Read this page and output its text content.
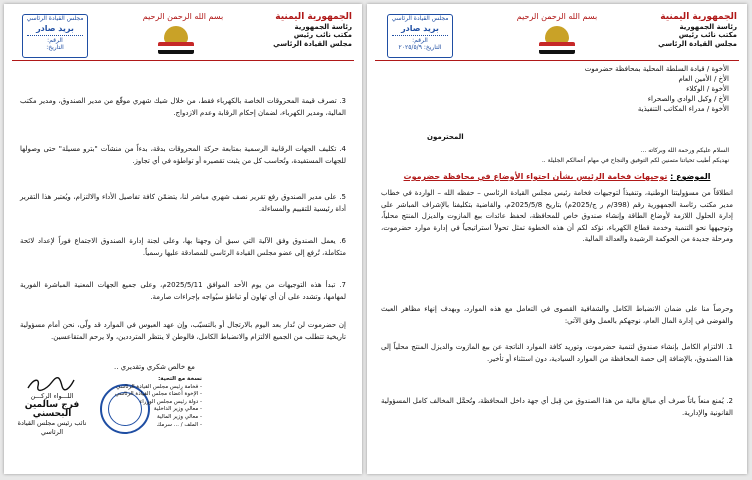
بسم الله الرحمن الرحيم	الجمهورية اليمنية
رئاسة الجمهورية
مكتب نائب رئيس
مجلس القيادة الرئاسي
مجلس القيادة الرئاسي
بريد صادر
الرقم:
التاريخ: ٢٠٢٥/٥/٩
الأخوة / قيادة السلطة المحلية بمحافظة حضرموت
الأخ / الأمين العام
الأخوة / الوكلاء
الأخ / وكيل الوادي والصحراء
الأخوة / مدراء المكاتب التنفيذية
المحترمون
السلام عليكم ورحمة الله وبركاته ...
نهديكم أطيب تحياتنا متمنين لكم التوفيق والنجاح في مهام أعمالكم الجليلة ..
الموضوع : توجيهات فخامة الرئيس بشأن احتواء الأوضاع في محافظة حضرموت
انطلاقاً من مسؤوليتنا الوطنية، وتنفيذاً لتوجيهات فخامة رئيس مجلس القيادة الرئاسي – حفظه الله – الواردة في خطاب مدير مكتب رئاسة الجمهورية رقم (398/م ر ج/2025م) بتاريخ 2025/5/8م، والقاضية بتكليفنا بالإشراف المباشر على إدارة الحلول اللازمة لأوضاع الطاقة وإنشاء صندوق خاص للمحافظة، لحفظ عائدات بيع المازوت والديزل المنتج محلياً، وتوجيهها نحو التنمية وخدمة قطاع الكهرباء، نؤكد لكم أن هذه الخطوة تمثل تحولاً استراتيجياً في إدارة موارد حضرموت، ومرحلة جديدة من الحوكمة الرشيدة والعدالة المالية.
وحرصاً منا على ضمان الانضباط الكامل والشفافية القصوى في التعامل مع هذه الموارد، وبهدف إنهاء مظاهر العبث والفوضى في إدارة المال العام، نوجهكم بالعمل وفق الآتي:
1. الالتزام الكامل بإنشاء صندوق لتنمية حضرموت، وتوريد كافة الموارد الناتجة عن بيع المازوت والديزل المنتج محلياً إلى هذا الصندوق، بالإضافة إلى حصة المحافظة من الموارد السيادية، دون استثناء أو تأخير.
2. يُمنع منعاً باتاً صرف أي مبالغ مالية من هذا الصندوق من قِبل أي جهة داخل المحافظة، وتُحمَّل المخالف كامل المسؤولية القانونية والإدارية.
بسم الله الرحمن الرحيم	الجمهورية اليمنية
رئاسة الجمهورية
مكتب نائب رئيس
مجلس القيادة الرئاسي
مجلس القيادة الرئاسي
بريد صادر
الرقم:
التاريخ:
3. تصرف قيمة المحروقات الخاصة بالكهرباء فقط، من خلال شيك شهري موقّع من مدير الصندوق، ومدير مكتب المالية، ومدير الكهرباء، لضمان إحكام الرقابة وعدم الازدواج.
4. تكليف الجهات الرقابية الرسمية بمتابعة حركة المحروقات بدقة، بدءاً من منشآت "بترو مسيلة" حتى وصولها للجهات المستفيدة، وتُحاسب كل من يثبت تقصيره أو تواطؤه في أي تجاوز.
5. على مدير الصندوق رفع تقرير نصف شهري مباشر لنا، يتضمّن كافة تفاصيل الأداء والالتزام، ويُعتبر هذا التقرير أداة رئيسية للتقييم والمساءلة.
6. يعمل الصندوق وفق الآلية التي سبق أن وجهنا بها، وعلى لجنة إدارة الصندوق الاجتماع فوراً لإعداد لائحة متكاملة، تُرفع إلى عضو مجلس القيادة الرئاسي للمصادقة عليها رسمياً.
7. تبدأ هذه التوجيهات من يوم الأحد الموافق 2025/5/11م، وعلى جميع الجهات المعنية المباشرة الفورية لمهامها، وتشدد على أن أي تهاون أو تباطؤ سيُواجه بإجراءات صارمة.
إن حضرموت لن تُدار بعد اليوم بالارتجال أو بالتسيّب، وإن عهد العبوس في الموارد قد ولّى، نحن أمام مسؤولية تاريخية تتطلب من الجميع الالتزام والانضباط الكامل، فالوطن لا ينتظر المترددين، ولا يرحم المتقاعسين.
مع خالص شكري وتقديري ..
اللـــواء الركـــن
فرج سالمين البحسني
نائب رئيس مجلس القيادة الرئاسي
نسخة مع التحية:
- فخامة رئيس مجلس القيادة الرئاسي
- الإخوة أعضاء مجلس القيادة الرئاسي
- دولة رئيس مجلس الوزراء
- معالي وزير الداخلية
- معالي وزير المالية
- الملف / ... سرمك
